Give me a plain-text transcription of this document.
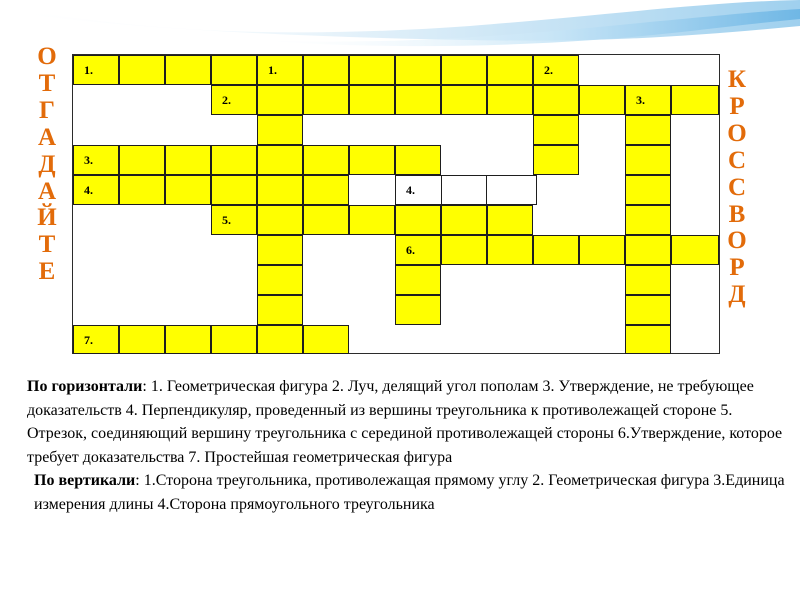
О
Т
Г
А
Д
А
Й
Т
Е
К
Р
О
С
С
В
О
Р
Д
1.	1.	2.
2.	3.
3.
4.	4.
5.
6.
7.

По горизонтали: 1. Геометрическая фигура 2. Луч, делящий угол пополам 3. Утверждение, не требующее доказательств 4. Перпендикуляр, проведенный из вершины треугольника к противолежащей стороне 5. Отрезок, соединяющий вершину треугольника с серединой противолежащей стороны 6.Утверждение, которое требует доказательства 7. Простейшая геометрическая фигура

По вертикали: 1.Сторона треугольника, противолежащая прямому углу 2. Геометрическая фигура 3.Единица измерения длины 4.Сторона прямоугольного треугольника
